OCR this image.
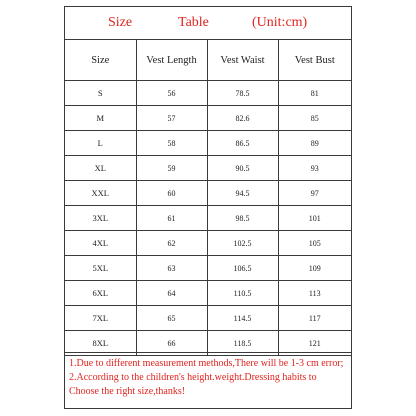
Size	Table	(Unit:cm)
Size	Vest Length	Vest Waist	Vest Bust
S	56	78.5	81
M	57	82.6	85
L	58	86.5	89
XL	59	90.5	93
XXL	60	94.5	97
3XL	61	98.5	101
4XL	62	102.5	105
5XL	63	106.5	109
6XL	64	110.5	113
7XL	65	114.5	117
8XL	66	118.5	121

1.Due to different measurement methods,There will be 1-3 cm error;

2.According to the children's height.weight.Dressing habits to Choose the right size,thanks!
